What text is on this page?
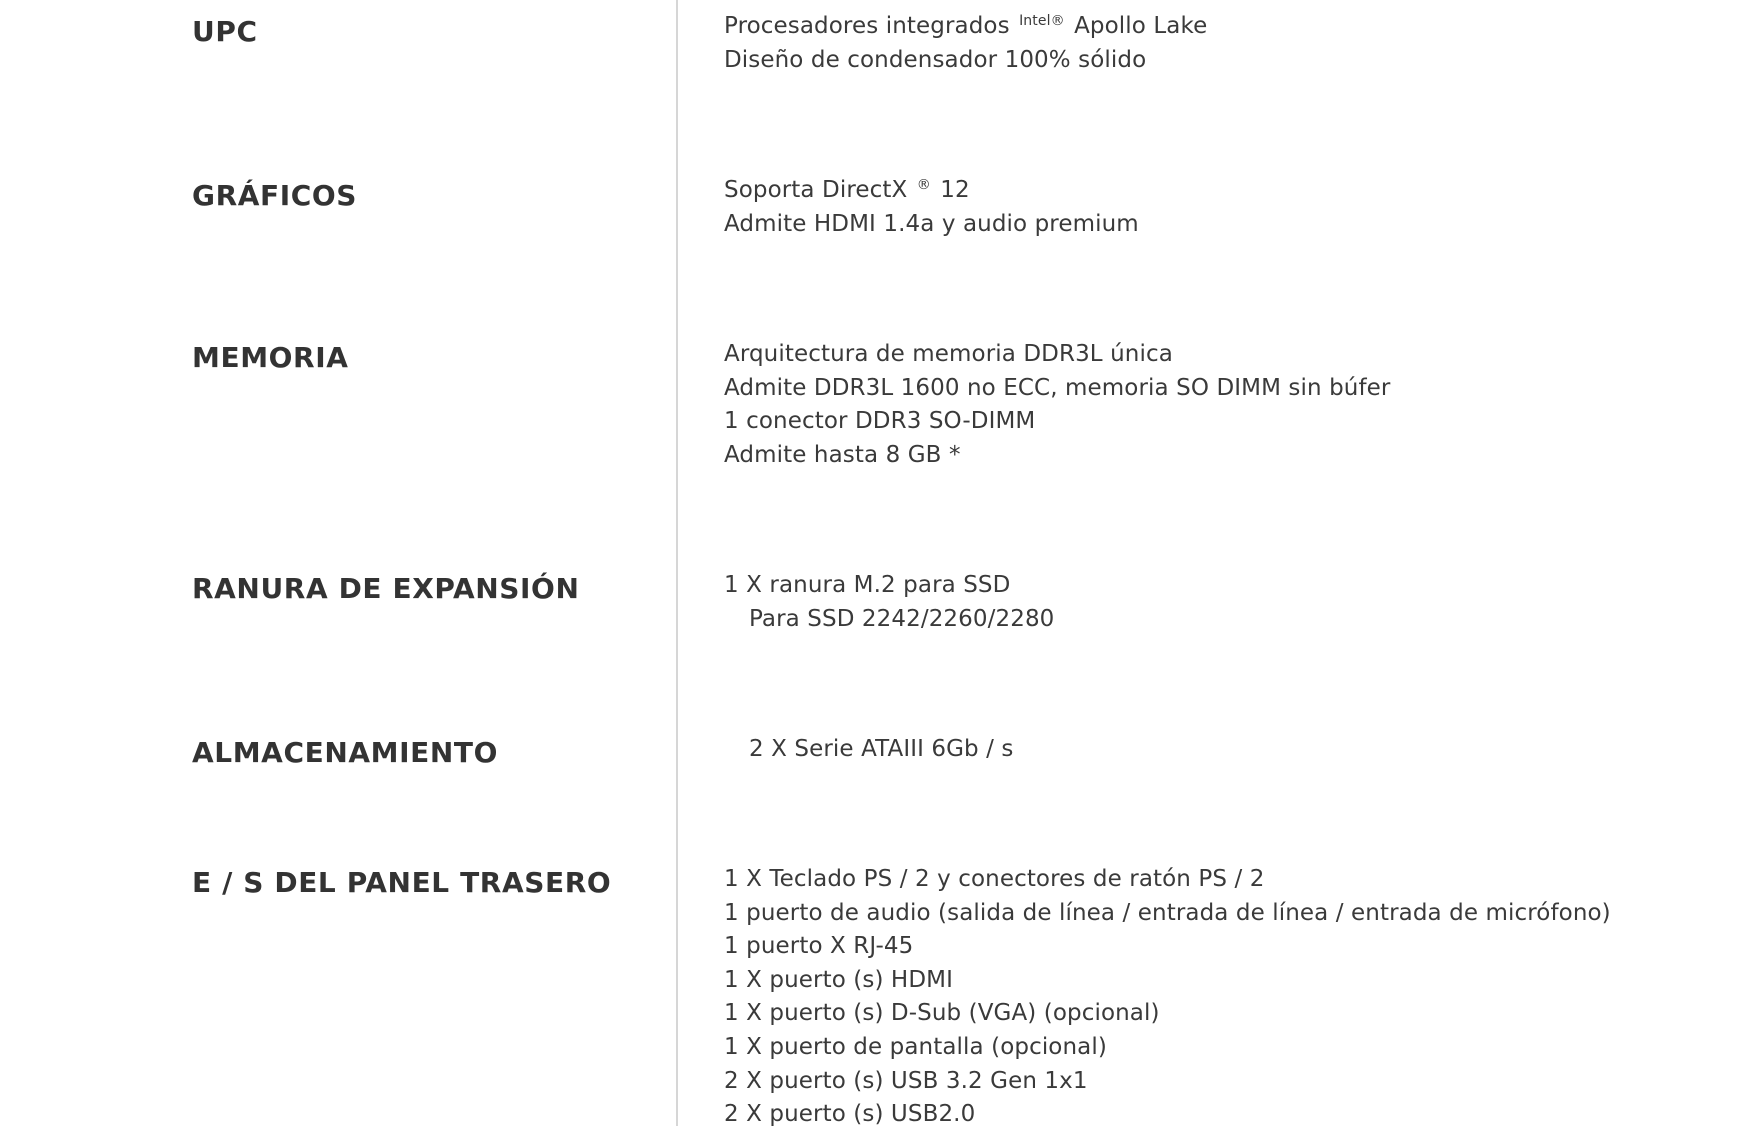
UPC	Procesadores integrados $^{Intel®}$ Apollo Lake
Diseño de condensador 100% sólido
GRÁFICOS	Soporta DirectX ® 12
Admite HDMI 1.4a y audio premium
MEMORIA	Arquitectura de memoria DDR3L única
Admite DDR3L 1600 no ECC, memoria SO DIMM sin búfer
1 conector DDR3 SO-DIMM
Admite hasta 8 GB *
RANURA DE EXPANSIÓN	1 X ranura M.2 para SSD
Para SSD 2242/2260/2280
ALMACENAMIENTO	2 X Serie ATAIII 6Gb / s
E / S DEL PANEL TRASERO	1 X Teclado PS / 2 y conectores de ratón PS / 2
1 puerto de audio (salida de línea / entrada de línea / entrada de micrófono)
1 puerto X RJ-45
1 X puerto (s) HDMI
1 X puerto (s) D-Sub (VGA) (opcional)
1 X puerto de pantalla (opcional)
2 X puerto (s) USB 3.2 Gen 1x1
2 X puerto (s) USB2.0
